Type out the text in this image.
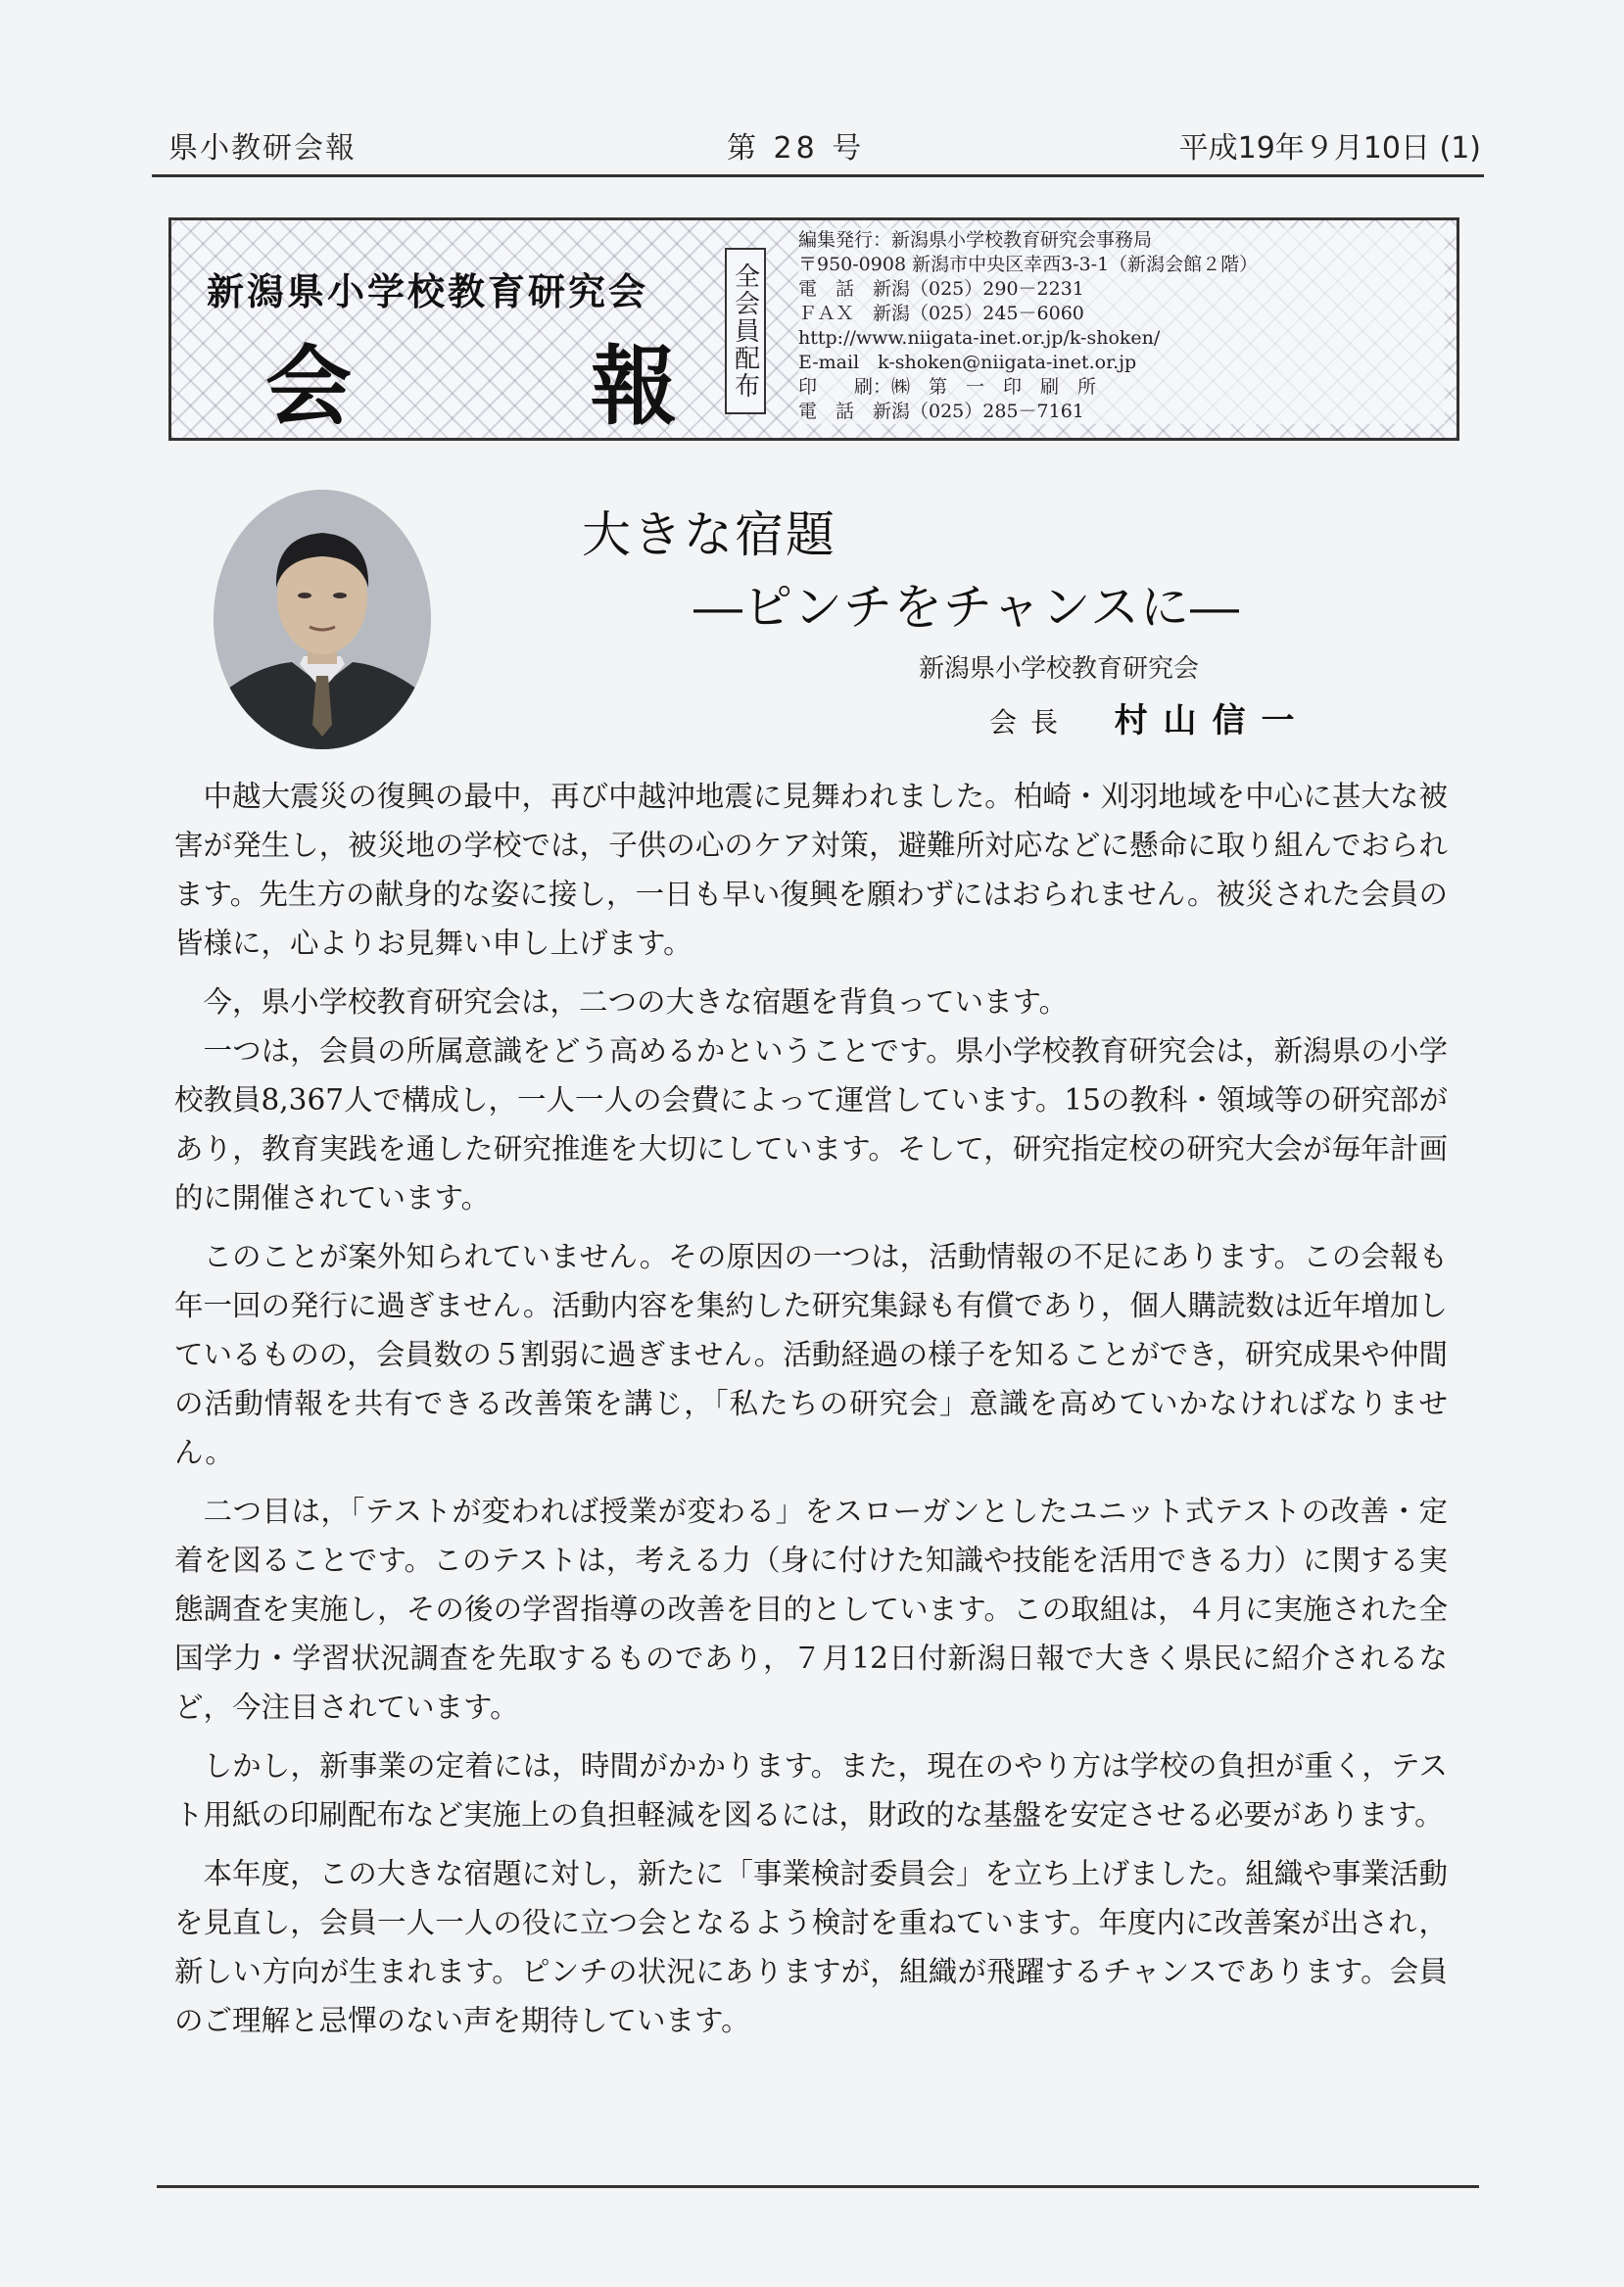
県小教研会報	第 28 号	平成19年９月10日 (1)
新潟県小学校教育研究会
会	報 全会員配布
編集発行：新潟県小学校教育研究会事務局
〒950-0908 新潟市中央区幸西3-3-1（新潟会館２階）
電　話　新潟（025）290－2231
ＦＡＸ　新潟（025）245－6060
http://www.niigata-inet.or.jp/k-shoken/
E-mail　k-shoken@niigata-inet.or.jp
印　　刷：㈱　第　一　印　刷　所
電　話　新潟（025）285－7161
大きな宿題
―ピンチをチャンスに―
新潟県小学校教育研究会
会長 村山信一

中越大震災の復興の最中，再び中越沖地震に見舞われました。柏崎・刈羽地域を中心に甚大な被害が発生し，被災地の学校では，子供の心のケア対策，避難所対応などに懸命に取り組んでおられます。先生方の献身的な姿に接し，一日も早い復興を願わずにはおられません。被災された会員の皆様に，心よりお見舞い申し上げます。

今，県小学校教育研究会は，二つの大きな宿題を背負っています。

一つは，会員の所属意識をどう高めるかということです。県小学校教育研究会は，新潟県の小学校教員8,367人で構成し，一人一人の会費によって運営しています。15の教科・領域等の研究部があり，教育実践を通した研究推進を大切にしています。そして，研究指定校の研究大会が毎年計画的に開催されています。

このことが案外知られていません。その原因の一つは，活動情報の不足にあります。この会報も年一回の発行に過ぎません。活動内容を集約した研究集録も有償であり，個人購読数は近年増加しているものの，会員数の５割弱に過ぎません。活動経過の様子を知ることができ，研究成果や仲間の活動情報を共有できる改善策を講じ，「私たちの研究会」意識を高めていかなければなりません。

二つ目は，「テストが変われば授業が変わる」をスローガンとしたユニット式テストの改善・定着を図ることです。このテストは，考える力（身に付けた知識や技能を活用できる力）に関する実態調査を実施し，その後の学習指導の改善を目的としています。この取組は，４月に実施された全国学力・学習状況調査を先取するものであり，７月12日付新潟日報で大きく県民に紹介されるなど，今注目されています。

しかし，新事業の定着には，時間がかかります。また，現在のやり方は学校の負担が重く，テスト用紙の印刷配布など実施上の負担軽減を図るには，財政的な基盤を安定させる必要があります。

本年度，この大きな宿題に対し，新たに「事業検討委員会」を立ち上げました。組織や事業活動を見直し，会員一人一人の役に立つ会となるよう検討を重ねています。年度内に改善案が出され，新しい方向が生まれます。ピンチの状況にありますが，組織が飛躍するチャンスであります。会員のご理解と忌憚のない声を期待しています。
